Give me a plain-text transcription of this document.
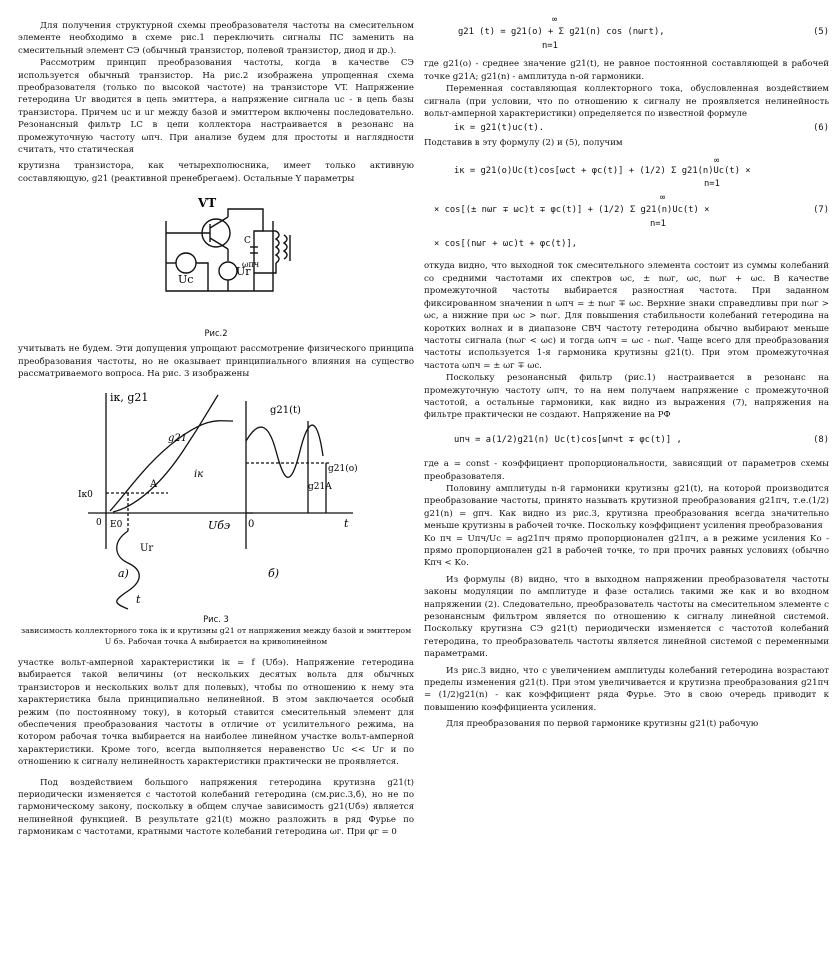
Для получения структурной схемы преобразователя частоты на смесительном элементе необходимо в схеме рис.1 переключить сигналы ПС заменить на смесительный элемент СЭ (обычный транзистор, полевой транзистор, диод и др.).

Рассмотрим принцип преобразования частоты, когда в качестве СЭ используется обычный транзистор. На рис.2 изображена упрощенная схема преобразователя (только по высокой частоте) на транзисторе VT. Напряжение гетеродина Uг вводится в цепь эмиттера, а напряжение сигнала uс - в цепь базы транзистора. Причем uс и uг между базой и эмиттером включены последовательно. Резонансный фильтр LC в цепи коллектора настраивается в резонанс на промежуточную частоту ωпч. При анализе будем для простоты и наглядности считать, что статическая

крутизна транзистора, как четырехполюсника, имеет только активную составляющую, g21 (реактивной пренебрегаем). Остальные Y параметры

VT
Uc
Ur
C
ωпч
Рис.2

учитывать не будем. Эти допущения упрощают рассмотрение физического принципа преобразования частоты, но не оказывает принципиального влияния на существо рассматриваемого вопроса. На рис. 3 изображены

iк, g21
g21
iк
A
Iк0
E0
0	Uбэ
Ur
t
а)	б)
g21(t)
g21A
g21(o)
0	t
Рис. 3

зависимость коллекторного тока iк и крутизны g21 от напряжения между базой и эмиттером U бэ. Рабочая точка А выбирается на криволинейном

участке вольт-амперной характеристики iк = f (Uбэ). Напряжение гетеродина выбирается такой величины (от нескольких десятых вольта для обычных транзисторов и нескольких вольт для полевых), чтобы по отношению к нему эта характеристика была принципиально нелинейной. В этом заключается особый режим (по постоянному току), в который ставится смесительный элемент для обеспечения преобразования частоты в отличие от усилительного режима, на котором рабочая точка выбирается на наиболее линейном участке вольт-амперной характеристики. Кроме того, всегда выполняется неравенство Uс << Uг и по отношению к сигналу нелинейность характеристики практически не проявляется.

Под воздействием большого напряжения гетеродина крутизна g21(t) периодически изменяется с частотой колебаний гетеродина (см.рис.3,б), но не по гармоническому закону, поскольку в общем случае зависимость g21(Uбэ) является нелинейной функцией. В результате g21(t) можно разложить в ряд Фурье по гармоникам с частотами, кратными частоте колебаний гетеродина ωг. При φг = 0

∞
g21 (t) = g21(o) + Σ g21(n) cos (nωгt),	(5)
n=1

где g21(o) - среднее значение g21(t), не равное постоянной составляющей в рабочей точке g21A; g21(n) - амплитуда n-ой гармоники.

Переменная составляющая коллекторного тока, обусловленная воздействием сигнала (при условии, что по отношению к сигналу не проявляется нелинейность вольт-амперной характеристики) определяется по известной формуле

iк = g21(t)uс(t).	(6)

Подставив в эту формулу (2) и (5), получим

∞
iк = g21(o)Uс(t)cos[ωсt + φс(t)] + (1/2) Σ g21(n)Uс(t) ×
n=1
∞
× cos[(± nωг ∓ ωс)t ∓ φс(t)] + (1/2) Σ g21(n)Uс(t) ×	(7)
n=1
× cos[(nωг + ωс)t + φс(t)],

откуда видно, что выходной ток смесительного элемента состоит из суммы колебаний со средними частотами их спектров ωс, ± nωг, ωс, nωг + ωс. В качестве промежуточной частоты выбирается разностная частота. При заданном фиксированном значении n ωпч = ± nωг ∓ ωс. Верхние знаки справедливы при nωг > ωс, а нижние при ωс > nωг. Для повышения стабильности колебаний гетеродина на коротких волнах и в диапазоне СВЧ частоту гетеродина обычно выбирают меньше частоты сигнала (nωг < ωс) и тогда ωпч = ωс - nωг. Чаще всего для преобразования частоты используется 1-я гармоника крутизны g21(t). При этом промежуточная частота ωпч = ± ωг ∓ ωс.

Поскольку резонансный фильтр (рис.1) настраивается в резонанс на промежуточную частоту ωпч, то на нем получаем напряжение с промежуточной частотой, а остальные гармоники, как видно из выражения (7), напряжения на фильтре практически не создают. Напряжение на РФ

uпч = a(1/2)g21(n) Uс(t)cos[ωпчt ∓ φс(t)] ,	(8)

где a = const - коэффициент пропорциональности, зависящий от параметров схемы преобразователя.

Половину амплитуды n-й гармоники крутизны g21(t), на которой производится преобразование частоты, принято называть крутизной преобразования g21пч, т.е.(1/2) g21(n) = gпч. Как видно из рис.3, крутизна преобразования всегда значительно меньше крутизны в рабочей точке. Поскольку коэффициент усиления преобразования

Kо пч = Uпч/Uс = ag21пч прямо пропорционален g21пч, а в режиме усиления Kо - прямо пропорционален g21 в рабочей точке, то при прочих равных условиях (обычно Kпч < Kо.

Из формулы (8) видно, что в выходном напряжении преобразователя частоты законы модуляции по амплитуде и фазе остались такими же как и во входном напряжении (2). Следовательно, преобразователь частоты на смесительном элементе с резонансным фильтром является по отношению к сигналу линейной системой. Поскольку крутизна СЭ g21(t) периодически изменяется с частотой колебаний гетеродина, то преобразователь частоты является линейной системой с переменными параметрами.

Из рис.3 видно, что с увеличением амплитуды колебаний гетеродина возрастают пределы изменения g21(t). При этом увеличивается и крутизна преобразования g21пч = (1/2)g21(n) - как коэффициент ряда Фурье. Это в свою очередь приводит к повышению коэффициента усиления.

Для преобразования по первой гармонике крутизны g21(t) рабочую
